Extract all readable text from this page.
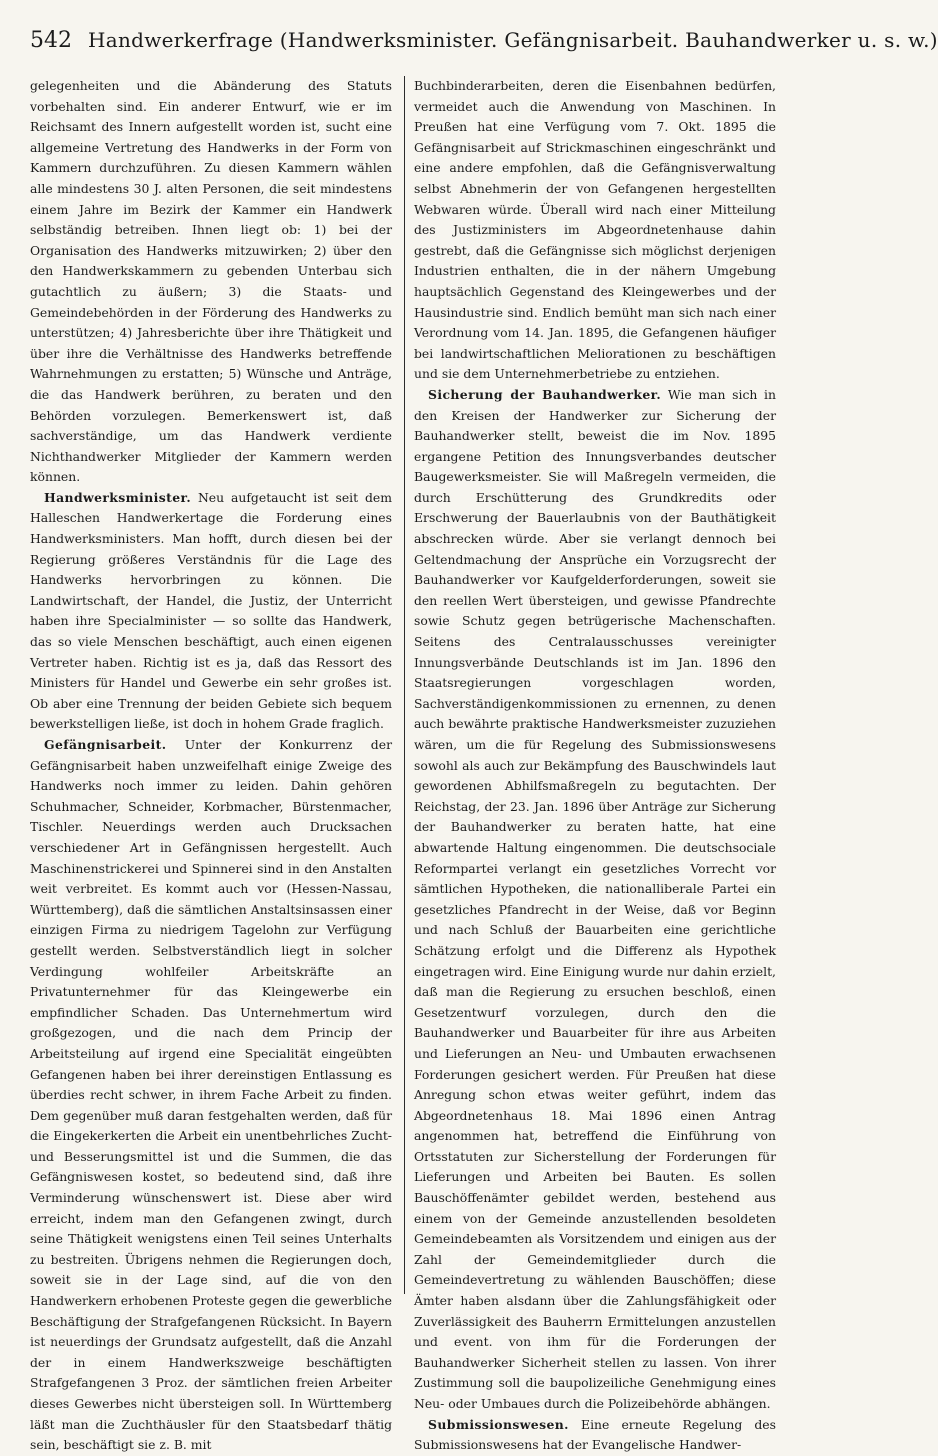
542 Handwerkerfrage (Handwerksminister. Gefängnisarbeit. Bauhandwerker u. s. w.)

gelegenheiten und die Abänderung des Statuts vorbehalten sind. Ein anderer Entwurf, wie er im Reichsamt des Innern aufgestellt worden ist, sucht eine allgemeine Vertretung des Handwerks in der Form von Kammern durchzuführen. Zu diesen Kammern wählen alle mindestens 30 J. alten Personen, die seit mindestens einem Jahre im Bezirk der Kammer ein Handwerk selbständig betreiben. Ihnen liegt ob: 1) bei der Organisation des Handwerks mitzuwirken; 2) über den den Handwerkskammern zu gebenden Unterbau sich gutachtlich zu äußern; 3) die Staats- und Gemeindebehörden in der Förderung des Handwerks zu unterstützen; 4) Jahresberichte über ihre Thätigkeit und über ihre die Verhältnisse des Handwerks betreffende Wahrnehmungen zu erstatten; 5) Wünsche und Anträge, die das Handwerk berühren, zu beraten und den Behörden vorzulegen. Bemerkenswert ist, daß sachverständige, um das Handwerk verdiente Nichthandwerker Mitglieder der Kammern werden können.

Handwerksminister. Neu aufgetaucht ist seit dem Halleschen Handwerkertage die Forderung eines Handwerksministers. Man hofft, durch diesen bei der Regierung größeres Verständnis für die Lage des Handwerks hervorbringen zu können. Die Landwirtschaft, der Handel, die Justiz, der Unterricht haben ihre Specialminister — so sollte das Handwerk, das so viele Menschen beschäftigt, auch einen eigenen Vertreter haben. Richtig ist es ja, daß das Ressort des Ministers für Handel und Gewerbe ein sehr großes ist. Ob aber eine Trennung der beiden Gebiete sich bequem bewerkstelligen ließe, ist doch in hohem Grade fraglich.

Gefängnisarbeit. Unter der Konkurrenz der Gefängnisarbeit haben unzweifelhaft einige Zweige des Handwerks noch immer zu leiden. Dahin gehören Schuhmacher, Schneider, Korbmacher, Bürstenmacher, Tischler. Neuerdings werden auch Drucksachen verschiedener Art in Gefängnissen hergestellt. Auch Maschinenstrickerei und Spinnerei sind in den Anstalten weit verbreitet. Es kommt auch vor (Hessen-Nassau, Württemberg), daß die sämtlichen Anstaltsinsassen einer einzigen Firma zu niedrigem Tagelohn zur Verfügung gestellt werden. Selbstverständlich liegt in solcher Verdingung wohlfeiler Arbeitskräfte an Privatunternehmer für das Kleingewerbe ein empfindlicher Schaden. Das Unternehmertum wird großgezogen, und die nach dem Princip der Arbeitsteilung auf irgend eine Specialität eingeübten Gefangenen haben bei ihrer dereinstigen Entlassung es überdies recht schwer, in ihrem Fache Arbeit zu finden. Dem gegenüber muß daran festgehalten werden, daß für die Eingekerkerten die Arbeit ein unentbehrliches Zucht- und Besserungsmittel ist und die Summen, die das Gefängniswesen kostet, so bedeutend sind, daß ihre Verminderung wünschenswert ist. Diese aber wird erreicht, indem man den Gefangenen zwingt, durch seine Thätigkeit wenigstens einen Teil seines Unterhalts zu bestreiten. Übrigens nehmen die Regierungen doch, soweit sie in der Lage sind, auf die von den Handwerkern erhobenen Proteste gegen die gewerbliche Beschäftigung der Strafgefangenen Rücksicht. In Bayern ist neuerdings der Grundsatz aufgestellt, daß die Anzahl der in einem Handwerkszweige beschäftigten Strafgefangenen 3 Proz. der sämtlichen freien Arbeiter dieses Gewerbes nicht übersteigen soll. In Württemberg läßt man die Zuchthäusler für den Staatsbedarf thätig sein, beschäftigt sie z. B. mit

Buchbinderarbeiten, deren die Eisenbahnen bedürfen, vermeidet auch die Anwendung von Maschinen. In Preußen hat eine Verfügung vom 7. Okt. 1895 die Gefängnisarbeit auf Strickmaschinen eingeschränkt und eine andere empfohlen, daß die Gefängnisverwaltung selbst Abnehmerin der von Gefangenen hergestellten Webwaren würde. Überall wird nach einer Mitteilung des Justizministers im Abgeordnetenhause dahin gestrebt, daß die Gefängnisse sich möglichst derjenigen Industrien enthalten, die in der nähern Umgebung hauptsächlich Gegenstand des Kleingewerbes und der Hausindustrie sind. Endlich bemüht man sich nach einer Verordnung vom 14. Jan. 1895, die Gefangenen häufiger bei landwirtschaftlichen Meliorationen zu beschäftigen und sie dem Unternehmerbetriebe zu entziehen.

Sicherung der Bauhandwerker. Wie man sich in den Kreisen der Handwerker zur Sicherung der Bauhandwerker stellt, beweist die im Nov. 1895 ergangene Petition des Innungsverbandes deutscher Baugewerksmeister. Sie will Maßregeln vermeiden, die durch Erschütterung des Grundkredits oder Erschwerung der Bauerlaubnis von der Bauthätigkeit abschrecken würde. Aber sie verlangt dennoch bei Geltendmachung der Ansprüche ein Vorzugsrecht der Bauhandwerker vor Kaufgelderforderungen, soweit sie den reellen Wert übersteigen, und gewisse Pfandrechte sowie Schutz gegen betrügerische Machenschaften. Seitens des Centralausschusses vereinigter Innungsverbände Deutschlands ist im Jan. 1896 den Staatsregierungen vorgeschlagen worden, Sachverständigenkommissionen zu ernennen, zu denen auch bewährte praktische Handwerksmeister zuzuziehen wären, um die für Regelung des Submissionswesens sowohl als auch zur Bekämpfung des Bauschwindels laut gewordenen Abhilfsmaßregeln zu begutachten. Der Reichstag, der 23. Jan. 1896 über Anträge zur Sicherung der Bauhandwerker zu beraten hatte, hat eine abwartende Haltung eingenommen. Die deutschsociale Reformpartei verlangt ein gesetzliches Vorrecht vor sämtlichen Hypotheken, die nationalliberale Partei ein gesetzliches Pfandrecht in der Weise, daß vor Beginn und nach Schluß der Bauarbeiten eine gerichtliche Schätzung erfolgt und die Differenz als Hypothek eingetragen wird. Eine Einigung wurde nur dahin erzielt, daß man die Regierung zu ersuchen beschloß, einen Gesetzentwurf vorzulegen, durch den die Bauhandwerker und Bauarbeiter für ihre aus Arbeiten und Lieferungen an Neu- und Umbauten erwachsenen Forderungen gesichert werden. Für Preußen hat diese Anregung schon etwas weiter geführt, indem das Abgeordnetenhaus 18. Mai 1896 einen Antrag angenommen hat, betreffend die Einführung von Ortsstatuten zur Sicherstellung der Forderungen für Lieferungen und Arbeiten bei Bauten. Es sollen Bauschöffenämter gebildet werden, bestehend aus einem von der Gemeinde anzustellenden besoldeten Gemeindebeamten als Vorsitzendem und einigen aus der Zahl der Gemeindemitglieder durch die Gemeindevertretung zu wählenden Bauschöffen; diese Ämter haben alsdann über die Zahlungsfähigkeit oder Zuverlässigkeit des Bauherrn Ermittelungen anzustellen und event. von ihm für die Forderungen der Bauhandwerker Sicherheit stellen zu lassen. Von ihrer Zustimmung soll die baupolizeiliche Genehmigung eines Neu- oder Umbaues durch die Polizeibehörde abhängen.

Submissionswesen. Eine erneute Regelung des Submissionswesens hat der Evangelische Handwer-
